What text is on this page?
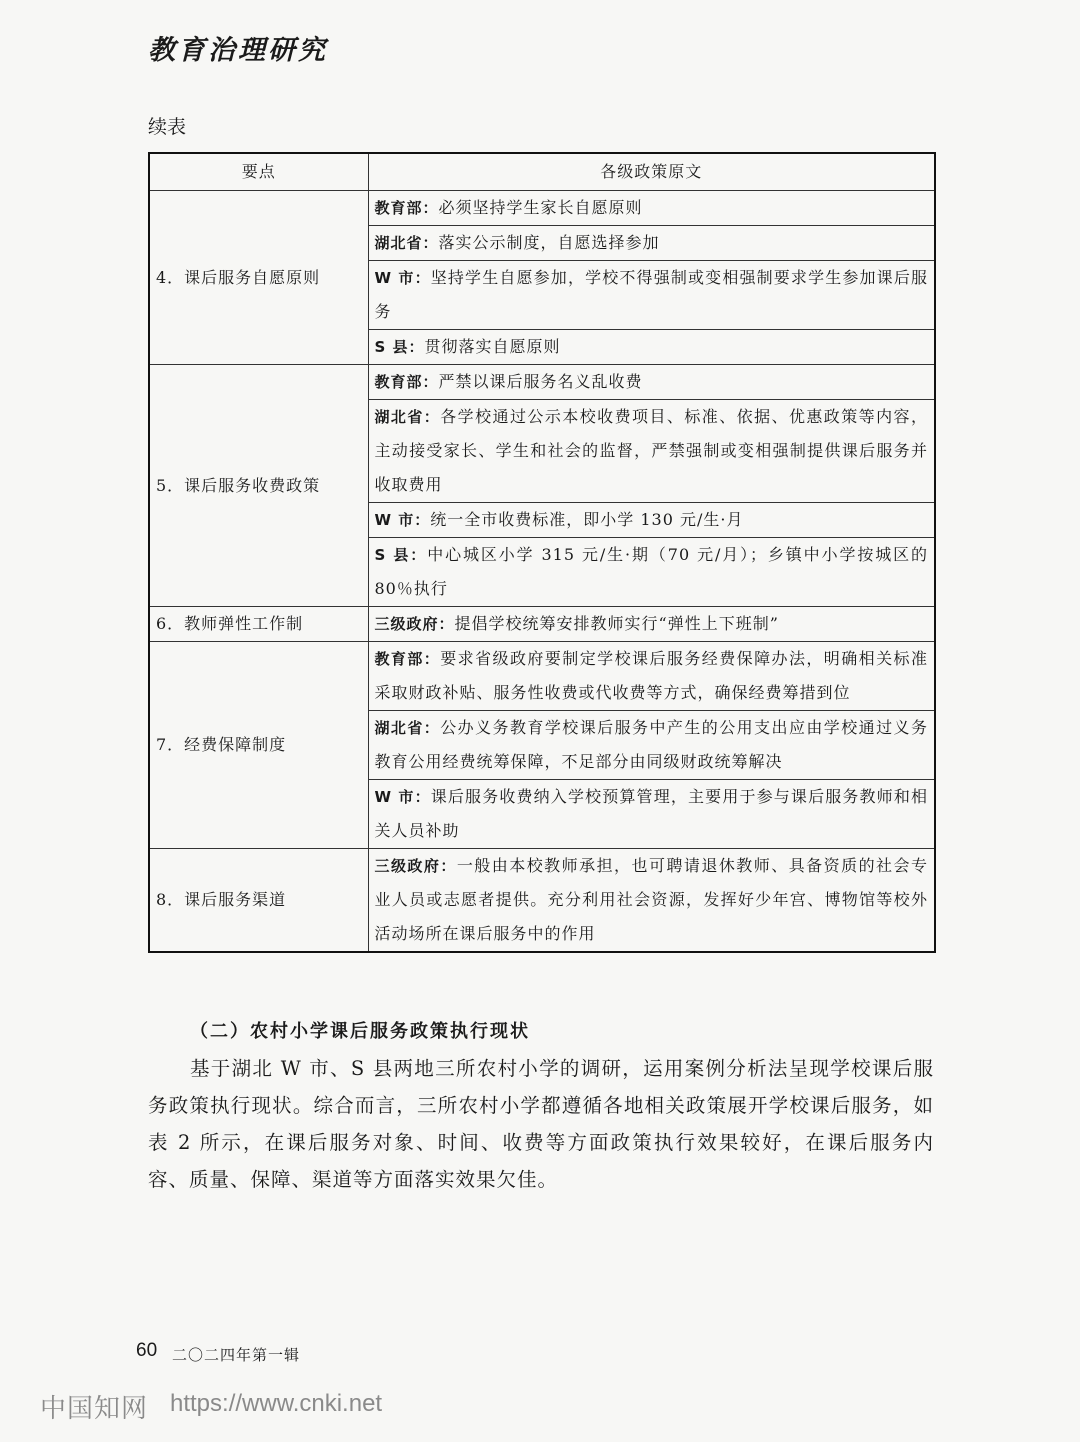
教育治理研究
续表
要点	各级政策原文
4．课后服务自愿原则	教育部：必须坚持学生家长自愿原则
	湖北省：落实公示制度，自愿选择参加
	W 市：坚持学生自愿参加，学校不得强制或变相强制要求学生参加课后服务
	S 县：贯彻落实自愿原则
5．课后服务收费政策	教育部：严禁以课后服务名义乱收费
	湖北省：各学校通过公示本校收费项目、标准、依据、优惠政策等内容，主动接受家长、学生和社会的监督，严禁强制或变相强制提供课后服务并收取费用
	W 市：统一全市收费标准，即小学 130 元/生·月
	S 县：中心城区小学 315 元/生·期（70 元/月）；乡镇中小学按城区的 80％执行
6．教师弹性工作制	三级政府：提倡学校统筹安排教师实行“弹性上下班制”
7．经费保障制度	教育部：要求省级政府要制定学校课后服务经费保障办法，明确相关标准采取财政补贴、服务性收费或代收费等方式，确保经费筹措到位
	湖北省：公办义务教育学校课后服务中产生的公用支出应由学校通过义务教育公用经费统筹保障，不足部分由同级财政统筹解决
	W 市：课后服务收费纳入学校预算管理，主要用于参与课后服务教师和相关人员补助
8．课后服务渠道	三级政府：一般由本校教师承担，也可聘请退休教师、具备资质的社会专业人员或志愿者提供。充分利用社会资源，发挥好少年宫、博物馆等校外活动场所在课后服务中的作用
（二）农村小学课后服务政策执行现状

基于湖北 W 市、S 县两地三所农村小学的调研，运用案例分析法呈现学校课后服务政策执行现状。综合而言，三所农村小学都遵循各地相关政策展开学校课后服务，如表 2 所示，在课后服务对象、时间、收费等方面政策执行效果较好，在课后服务内容、质量、保障、渠道等方面落实效果欠佳。

60 二〇二四年第一辑
中国知网 https://www.cnki.net
